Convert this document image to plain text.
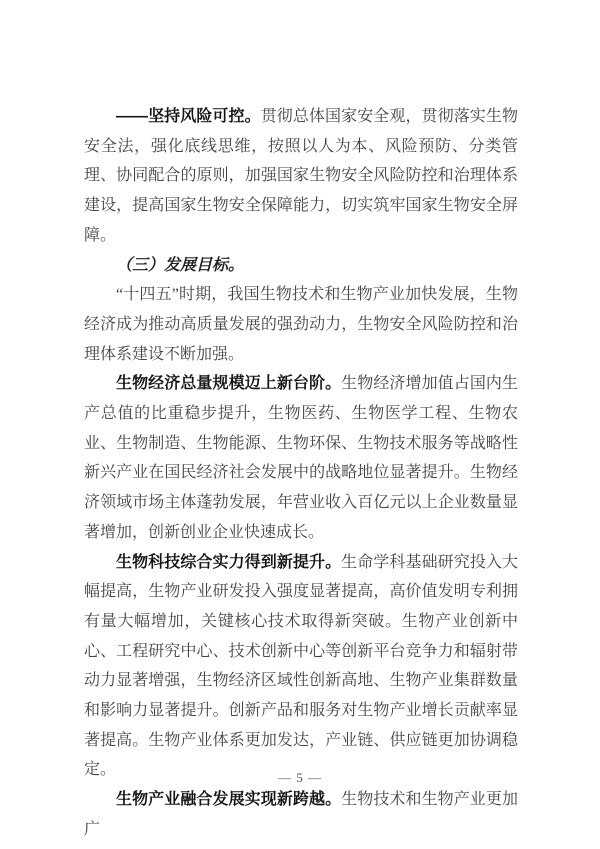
——坚持风险可控。贯彻总体国家安全观，贯彻落实生物安全法，强化底线思维，按照以人为本、风险预防、分类管理、协同配合的原则，加强国家生物安全风险防控和治理体系建设，提高国家生物安全保障能力，切实筑牢国家生物安全屏障。

（三）发展目标。

“十四五”时期，我国生物技术和生物产业加快发展，生物经济成为推动高质量发展的强劲动力，生物安全风险防控和治理体系建设不断加强。

生物经济总量规模迈上新台阶。生物经济增加值占国内生产总值的比重稳步提升，生物医药、生物医学工程、生物农业、生物制造、生物能源、生物环保、生物技术服务等战略性新兴产业在国民经济社会发展中的战略地位显著提升。生物经济领域市场主体蓬勃发展，年营业收入百亿元以上企业数量显著增加，创新创业企业快速成长。

生物科技综合实力得到新提升。生命学科基础研究投入大幅提高，生物产业研发投入强度显著提高，高价值发明专利拥有量大幅增加，关键核心技术取得新突破。生物产业创新中心、工程研究中心、技术创新中心等创新平台竞争力和辐射带动力显著增强，生物经济区域性创新高地、生物产业集群数量和影响力显著提升。创新产品和服务对生物产业增长贡献率显著提高。生物产业体系更加发达，产业链、供应链更加协调稳定。

生物产业融合发展实现新跨越。生物技术和生物产业更加广

— 5 —
